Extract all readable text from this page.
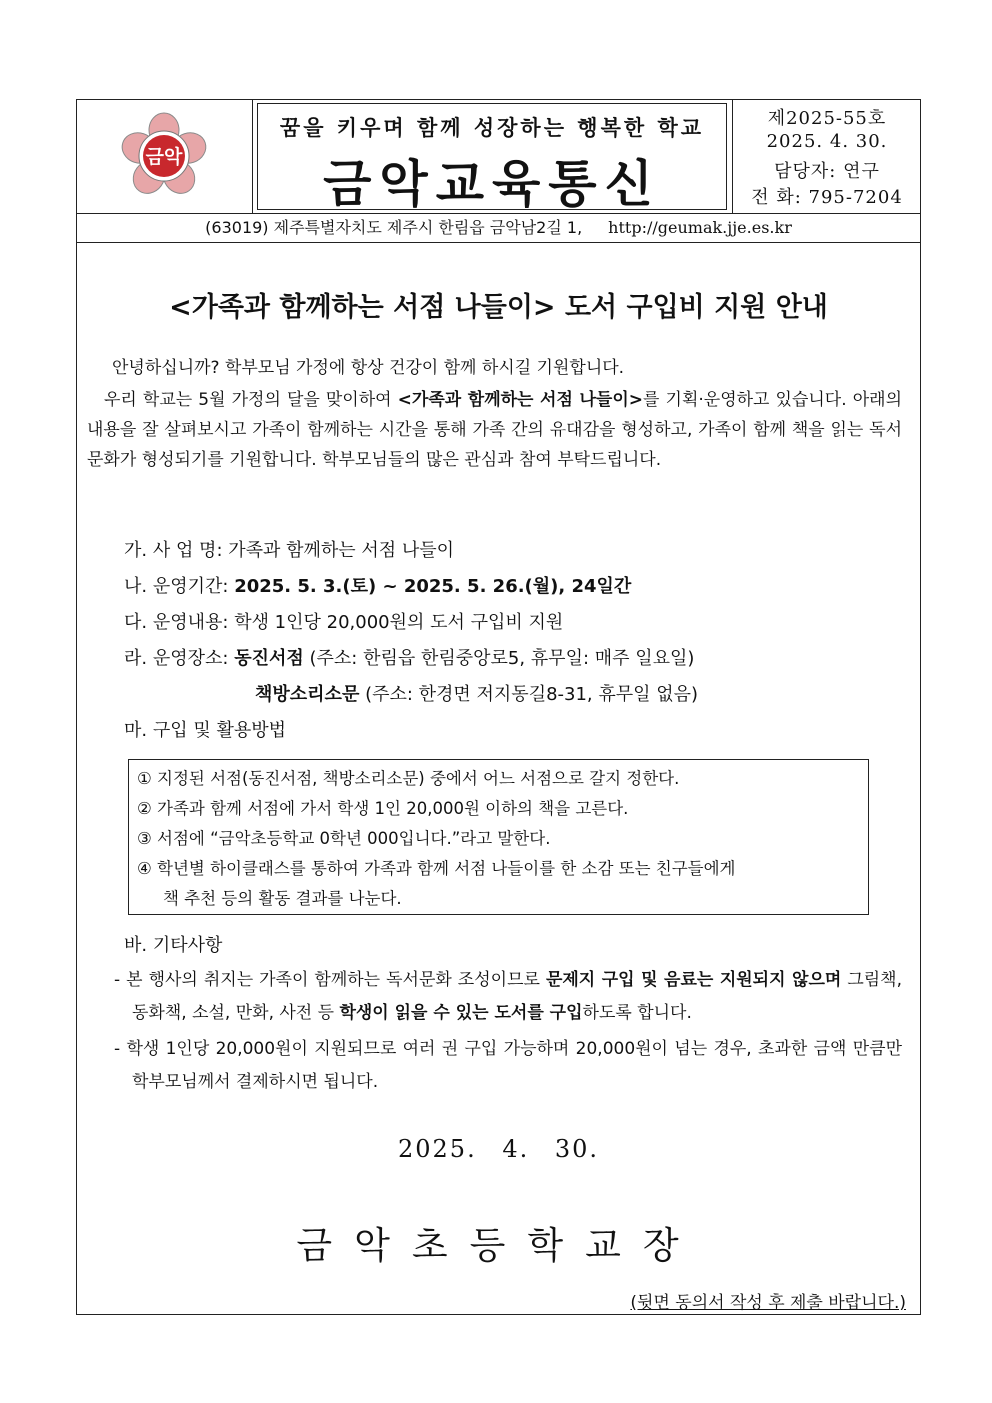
금악
꿈을 키우며 함께 성장하는 행복한 학교
금악교육통신
제2025-55호
2025. 4. 30.
담당자: 연구
전 화: 795-7204
(63019) 제주특별자치도 제주시 한림읍 금악남2길 1, http://geumak.jje.es.kr
<가족과 함께하는 서점 나들이> 도서 구입비 지원 안내
안녕하십니까? 학부모님 가정에 항상 건강이 함께 하시길 기원합니다.
우리 학교는 5월 가정의 달을 맞이하여 <가족과 함께하는 서점 나들이>를 기획·운영하고 있습니다. 아래의 내용을 잘 살펴보시고 가족이 함께하는 시간을 통해 가족 간의 유대감을 형성하고, 가족이 함께 책을 읽는 독서 문화가 형성되기를 기원합니다. 학부모님들의 많은 관심과 참여 부탁드립니다.
가. 사 업 명: 가족과 함께하는 서점 나들이
나. 운영기간: 2025. 5. 3.(토) ~ 2025. 5. 26.(월), 24일간
다. 운영내용: 학생 1인당 20,000원의 도서 구입비 지원
라. 운영장소: 동진서점 (주소: 한림읍 한림중앙로5, 휴무일: 매주 일요일)
책방소리소문 (주소: 한경면 저지동길8-31, 휴무일 없음)
마. 구입 및 활용방법
① 지정된 서점(동진서점, 책방소리소문) 중에서 어느 서점으로 갈지 정한다.
② 가족과 함께 서점에 가서 학생 1인 20,000원 이하의 책을 고른다.
③ 서점에 “금악초등학교 0학년 000입니다.”라고 말한다.
④ 학년별 하이클래스를 통하여 가족과 함께 서점 나들이를 한 소감 또는 친구들에게
책 추천 등의 활동 결과를 나눈다.
바. 기타사항
- 본 행사의 취지는 가족이 함께하는 독서문화 조성이므로 문제지 구입 및 음료는 지원되지 않으며 그림책, 동화책, 소설, 만화, 사전 등 학생이 읽을 수 있는 도서를 구입하도록 합니다.
- 학생 1인당 20,000원이 지원되므로 여러 권 구입 가능하며 20,000원이 넘는 경우, 초과한 금액 만큼만 학부모님께서 결제하시면 됩니다.
2025. 4. 30.
금악초등학교장
(뒷면 동의서 작성 후 제출 바랍니다.)
